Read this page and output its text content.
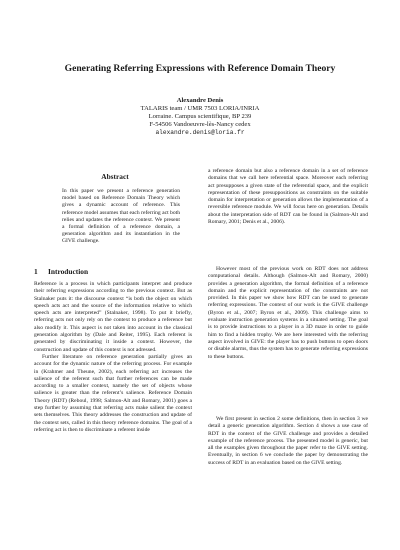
Generating Referring Expressions with Reference Domain Theory
Alexandre Denis
TALARIS team / UMR 7503 LORIA/INRIA
Lorraine. Campus scientifique, BP 239
F-54506 Vandoeuvre-lès-Nancy cedex
alexandre.denis@loria.fr
Abstract

In this paper we present a reference generation model based on Reference Domain Theory which gives a dynamic account of reference. This reference model assumes that each referring act both relies and updates the reference context. We present a formal definition of a reference domain, a generation algorithm and its instantiation in the GIVE challenge.

1 Introduction

Reference is a process in which participants interpret and produce their referring expressions according to the previous context. But as Stalnaker puts it: the discourse context “is both the object on which speech acts act and the source of the information relative to which speech acts are interpreted” (Stalnaker, 1998). To put it briefly, referring acts not only rely on the context to produce a reference but also modify it. This aspect is not taken into account in the classical generation algorithm by (Dale and Reiter, 1995). Each referent is generated by discriminating it inside a context. However, the construction and update of this context is not adressed.

Further literature on reference generation partially gives an account for the dynamic nature of the referring process. For example in (Krahmer and Theune, 2002), each referring act increases the salience of the referent such that further references can be made according to a smaller context, namely the set of objects whose salience is greater than the referent’s salience. Reference Domain Theory (RDT) (Reboul, 1998; Salmon-Alt and Romary, 2001) goes a step further by assuming that referring acts make salient the context sets themselves. This theory addresses the construction and update of the context sets, called in this theory reference domains. The goal of a referring act is then to discriminate a referent inside

a reference domain but also a reference domain in a set of reference domains that we call here referential space. Moreover each referring act presupposes a given state of the referential space, and the explicit representation of these presuppositions as constraints on the suitable domain for interpretation or generation allows the implementation of a reversible reference module. We will focus here on generation. Details about the interpretation side of RDT can be found in (Salmon-Alt and Romary, 2001; Denis et al., 2006).

However most of the previous work on RDT does not address computational details. Although (Salmon-Alt and Romary, 2000) provides a generation algorithm, the formal definition of a reference domain and the explicit representation of the constraints are not provided. In this paper we show how RDT can be used to generate referring expressions. The context of our work is the GIVE challenge (Byron et al., 2007; Byron et al., 2009). This challenge aims to evaluate instruction generation systems in a situated setting. The goal is to provide instructions to a player in a 3D maze in order to guide him to find a hidden trophy. We are here interested with the referring aspect involved in GIVE: the player has to push buttons to open doors or disable alarms, thus the system has to generate referring expressions to these buttons.

We first present in section 2 some definitions, then in section 3 we detail a generic generation algorithm. Section 4 shows a use case of RDT in the context of the GIVE challenge and provides a detailed example of the reference process. The presented model is generic, but all the examples given throughout the paper refer to the GIVE setting. Eventually, in section 6 we conclude the paper by demonstrating the success of RDT in an evaluation based on the GIVE setting.
